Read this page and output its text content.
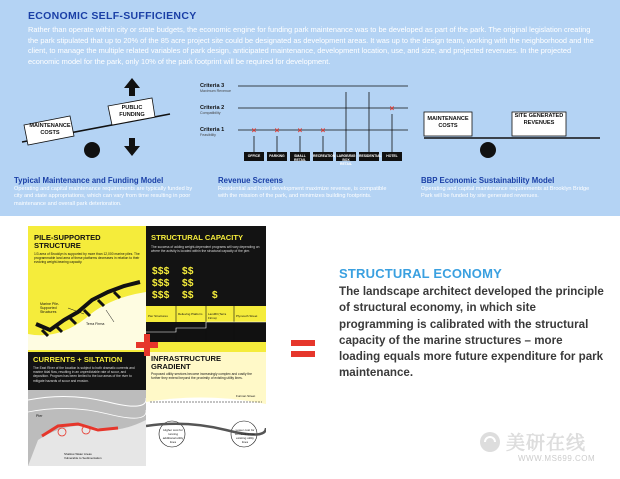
ECONOMIC SELF-SUFFICIENCY

Rather than operate within city or state budgets, the economic engine for funding park maintenance was to be developed as part of the park. The original legislation creating the park stipulated that up to 20% of the 85 acre project site could be designated as development areas. It was up to the design team, working with the neighborhood and the client, to manage the multiple related variables of park design, anticipated maintenance, development location, use, and size, and projected revenues. In the projected economic model for the park, only 10% of the park footprint will be required for development.

MAINTENANCE COSTS
PUBLIC FUNDING
× × × ×
×
Criteria 3
Maximum Revenue
Criteria 2
Compatibility
Criteria 1
Feasibility
OFFICE	PARKING	SMALL RETAIL
RECREATION LARGE/BIG BOX RETAIL
RESIDENTIAL	HOTEL
MAINTENANCE COSTS
SITE GENERATED REVENUES
Typical Maintenance and Funding Model

Operating and capital maintenance requirements are typically funded by city and state appropriations, which can vary from time resulting in poor maintenance and overall park deterioration.

Revenue Screens

Residential and hotel development maximize revenue, is compatible with the mission of the park, and minimizes building footprints.

BBP Economic Sustainability Model

Operating and capital maintenance requirements at Brooklyn Bridge Park will be funded by site generated revenues.

PILE-SUPPORTED STRUCTURE
1/3 area of Brooklyn is supported by more than 12,000 marine piles. The programmable land area of these platforms decreases in relation to their evolving weight-bearing capacity.
Marine Pile-Supported Structures
Terra Firma
STRUCTURAL CAPACITY
The success of adding weight-dependent programs will vary depending on where the activity is located within the structural capacity of the pier.
$$$ $$
$$$ $$
$$$ $$ $
Pier Structures	Relieving Platform	Landfill (Terra Firma)	Plymouth Street
CURRENTS + SILTATION
The East River of the location is subject to both dramatic currents and marine tidal flow, resulting in an unpredictable rate of scour, and deposition. Program has been limited to the low areas of the river to mitigate hazards of scour and erosion.
Pier
Shallow Water Areas Vulnerable to Sedimentation
INFRASTRUCTURE GRADIENT
Proposed utility services become increasingly complex and costly the further they extend beyond the proximity of existing utility lines.
Furman Street
Higher cost for running additional utility lines
Lower cost for connecting into existing utility lines
STRUCTURAL ECONOMY

The landscape architect developed the principle of structural economy, in which site programming is calibrated with the structural capacity of the marine structures – more loading equals more future expenditure for park maintenance.

美研在线
WWW.MS699.COM
